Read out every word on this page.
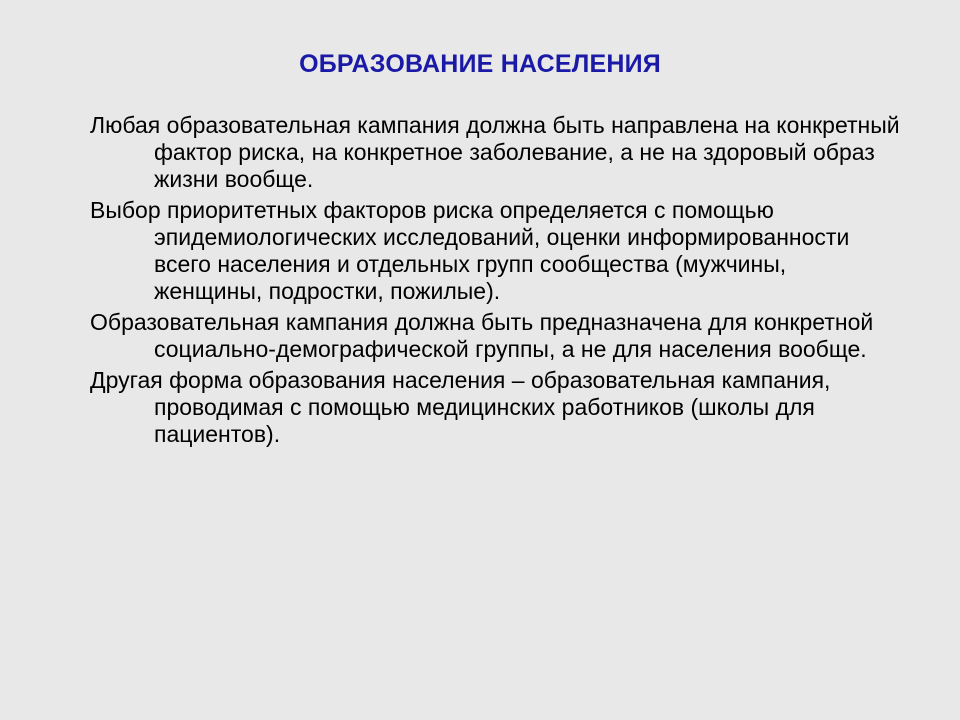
ОБРАЗОВАНИЕ НАСЕЛЕНИЯ
Любая образовательная кампания должна быть направлена на конкретный фактор риска, на конкретное заболевание, а не на здоровый образ жизни вообще.
Выбор приоритетных факторов риска определяется с помощью эпидемиологических исследований, оценки информированности всего населения и отдельных групп сообщества (мужчины, женщины, подростки, пожилые).
Образовательная кампания должна быть предназначена для конкретной социально-демографической группы, а не для населения вообще.
Другая форма образования населения – образовательная кампания, проводимая с помощью медицинских работников (школы для пациентов).
